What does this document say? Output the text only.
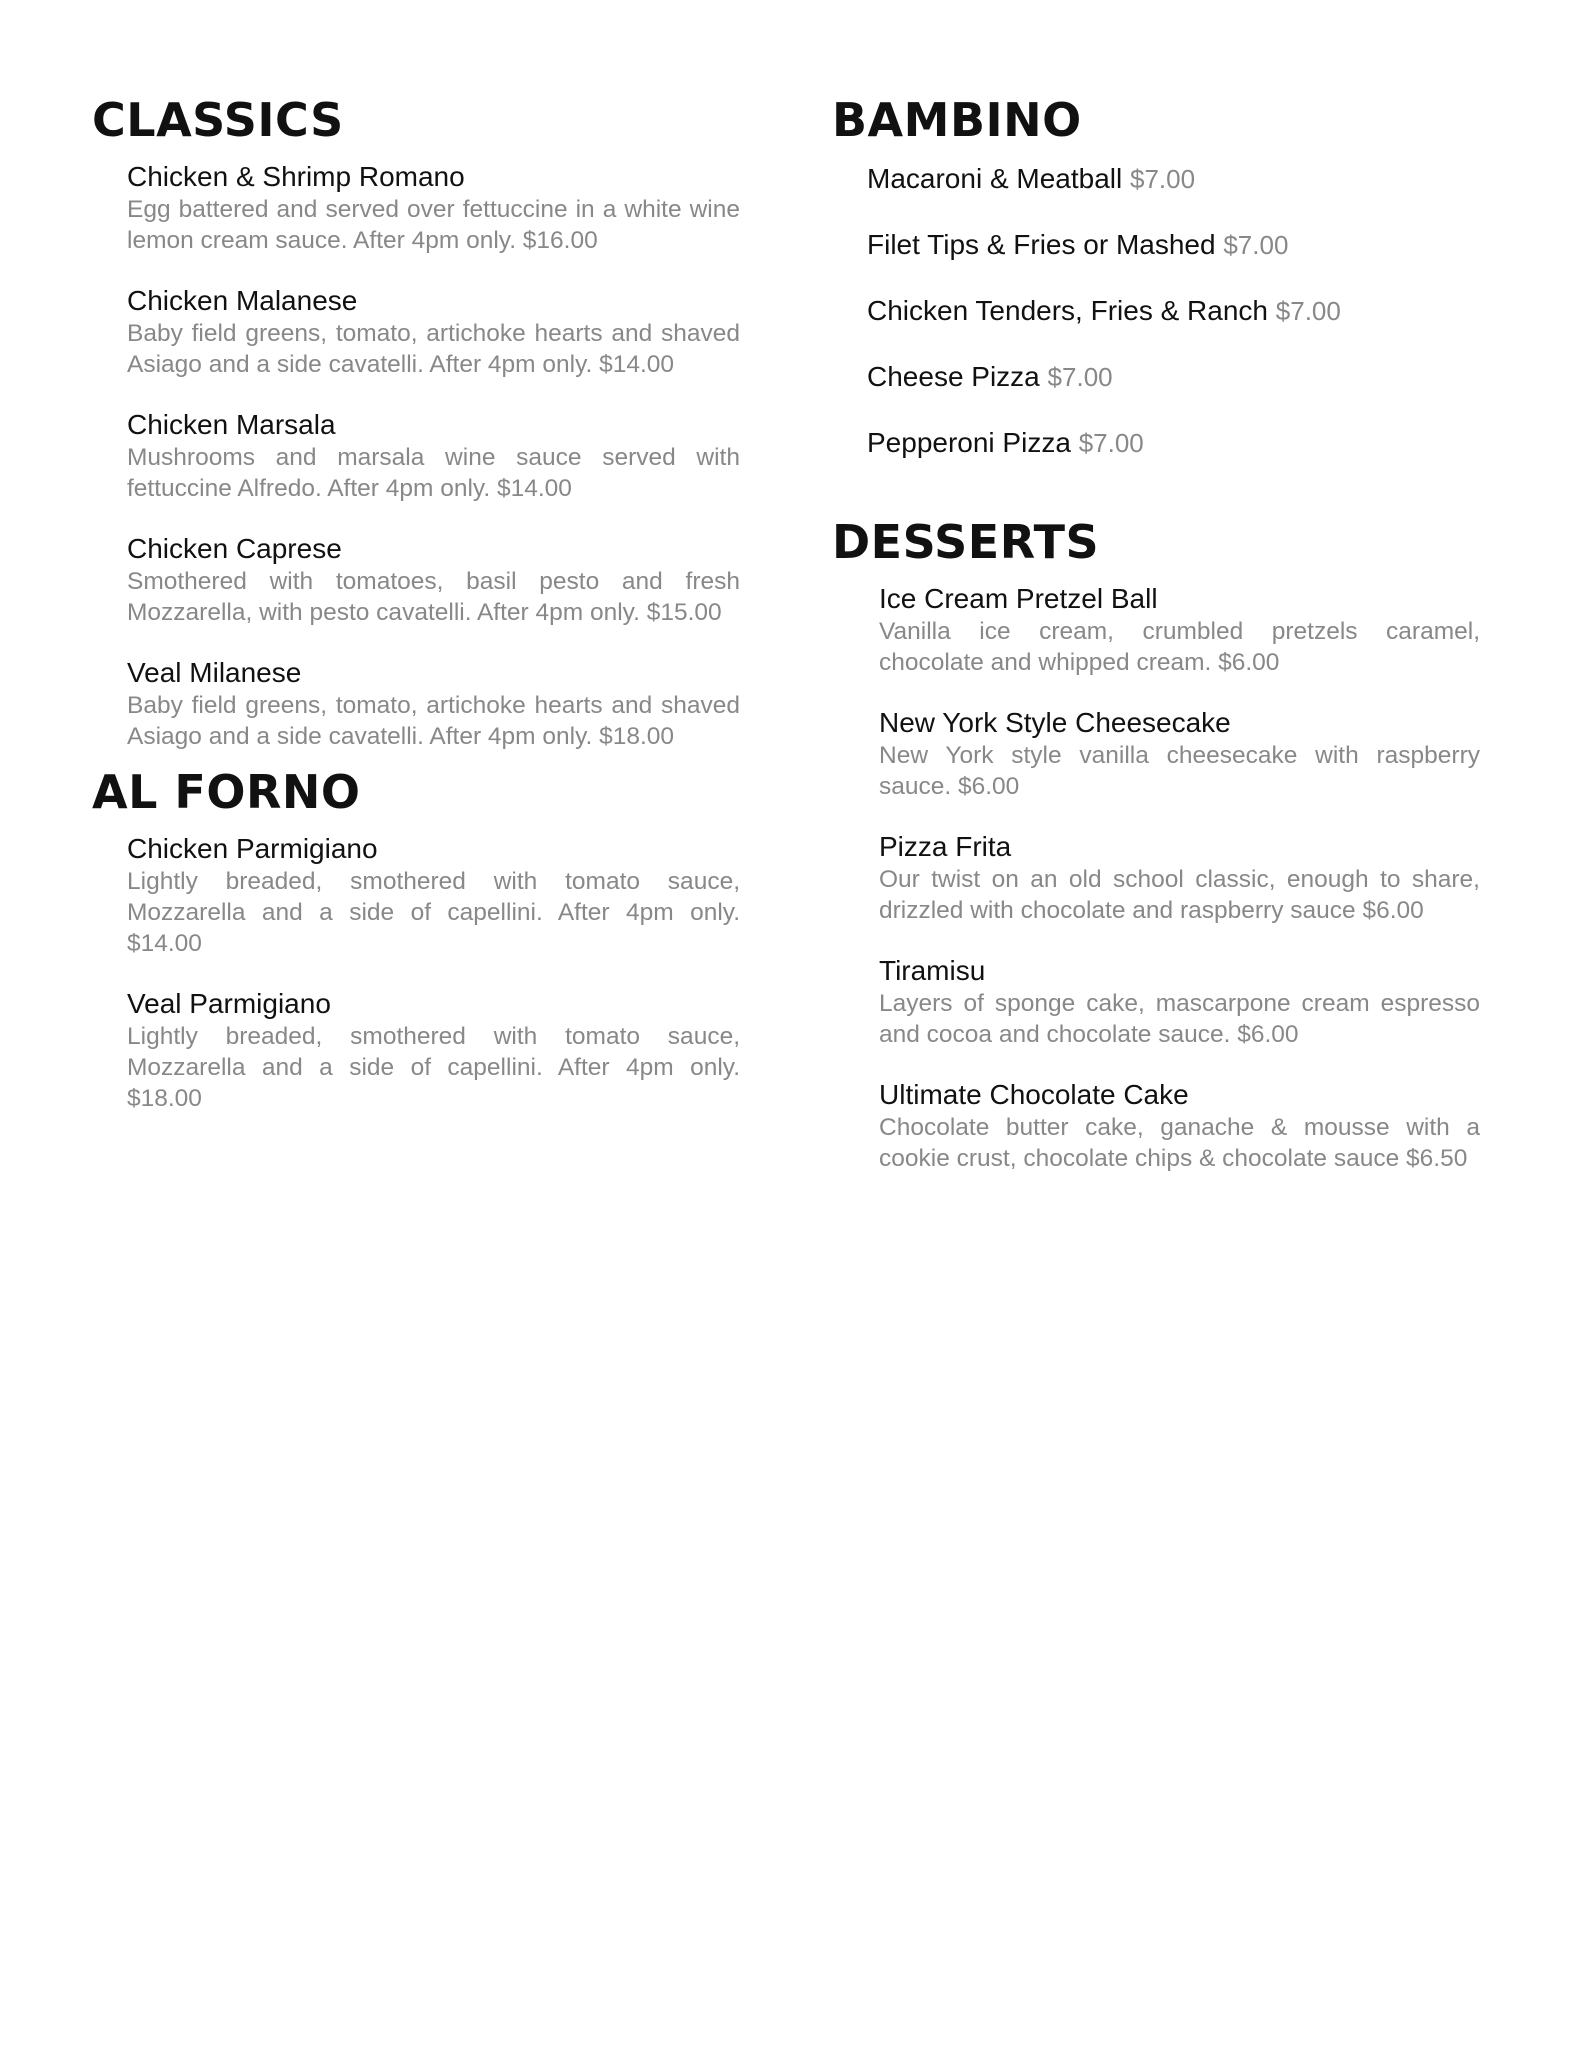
CLASSICS
Chicken & Shrimp Romano
Egg battered and served over fettuccine in a white wine lemon cream sauce. After 4pm only. $16.00
Chicken Malanese
Baby field greens, tomato, artichoke hearts and shaved Asiago and a side cavatelli. After 4pm only. $14.00
Chicken Marsala
Mushrooms and marsala wine sauce served with fettuccine Alfredo. After 4pm only. $14.00
Chicken Caprese
Smothered with tomatoes, basil pesto and fresh Mozzarella, with pesto cavatelli. After 4pm only. $15.00
Veal Milanese
Baby field greens, tomato, artichoke hearts and shaved Asiago and a side cavatelli. After 4pm only. $18.00
AL FORNO
Chicken Parmigiano
Lightly breaded, smothered with tomato sauce, Mozzarella and a side of capellini. After 4pm only. $14.00
Veal Parmigiano
Lightly breaded, smothered with tomato sauce, Mozzarella and a side of capellini. After 4pm only. $18.00
BAMBINO
Macaroni & Meatball $7.00
Filet Tips & Fries or Mashed $7.00
Chicken Tenders, Fries & Ranch $7.00
Cheese Pizza $7.00
Pepperoni Pizza $7.00
DESSERTS
Ice Cream Pretzel Ball
Vanilla ice cream, crumbled pretzels caramel, chocolate and whipped cream. $6.00
New York Style Cheesecake
New York style vanilla cheesecake with raspberry sauce. $6.00
Pizza Frita
Our twist on an old school classic, enough to share, drizzled with chocolate and raspberry sauce $6.00
Tiramisu
Layers of sponge cake, mascarpone cream espresso and cocoa and chocolate sauce. $6.00
Ultimate Chocolate Cake
Chocolate butter cake, ganache & mousse with a cookie crust, chocolate chips & chocolate sauce $6.50
